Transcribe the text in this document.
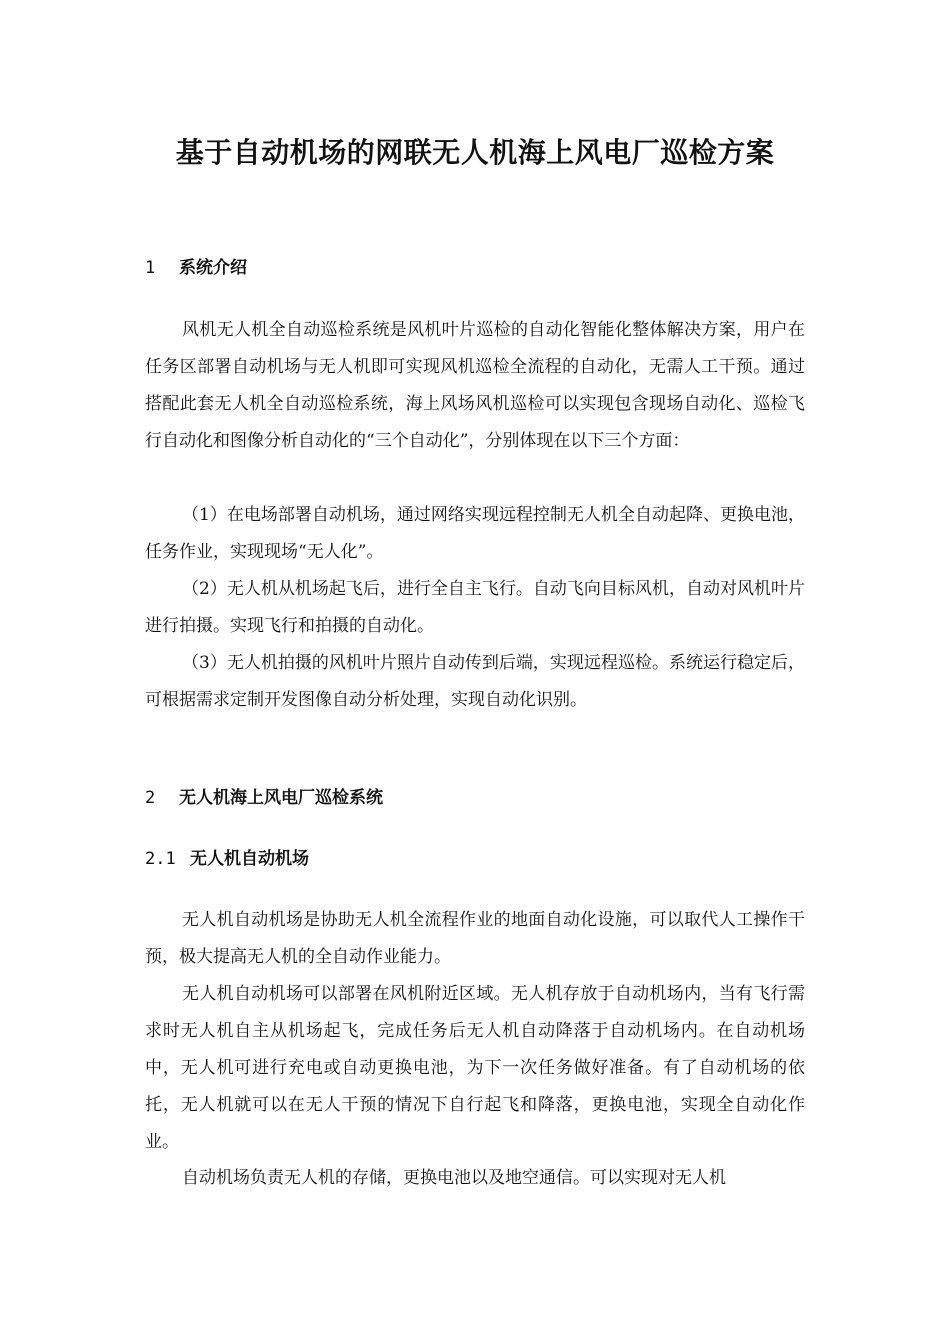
基于自动机场的网联无人机海上风电厂巡检方案
1 系统介绍

风机无人机全自动巡检系统是风机叶片巡检的自动化智能化整体解决方案，用户在任务区部署自动机场与无人机即可实现风机巡检全流程的自动化，无需人工干预。通过搭配此套无人机全自动巡检系统，海上风场风机巡检可以实现包含现场自动化、巡检飞行自动化和图像分析自动化的“三个自动化”，分别体现在以下三个方面：

（1）在电场部署自动机场，通过网络实现远程控制无人机全自动起降、更换电池，任务作业，实现现场“无人化”。

（2）无人机从机场起飞后，进行全自主飞行。自动飞向目标风机，自动对风机叶片进行拍摄。实现飞行和拍摄的自动化。

（3）无人机拍摄的风机叶片照片自动传到后端，实现远程巡检。系统运行稳定后，可根据需求定制开发图像自动分析处理，实现自动化识别。

2 无人机海上风电厂巡检系统
2.1 无人机自动机场

无人机自动机场是协助无人机全流程作业的地面自动化设施，可以取代人工操作干预，极大提高无人机的全自动作业能力。

无人机自动机场可以部署在风机附近区域。无人机存放于自动机场内，当有飞行需求时无人机自主从机场起飞，完成任务后无人机自动降落于自动机场内。在自动机场中，无人机可进行充电或自动更换电池，为下一次任务做好准备。有了自动机场的依托，无人机就可以在无人干预的情况下自行起飞和降落，更换电池，实现全自动化作业。

自动机场负责无人机的存储，更换电池以及地空通信。可以实现对无人机
